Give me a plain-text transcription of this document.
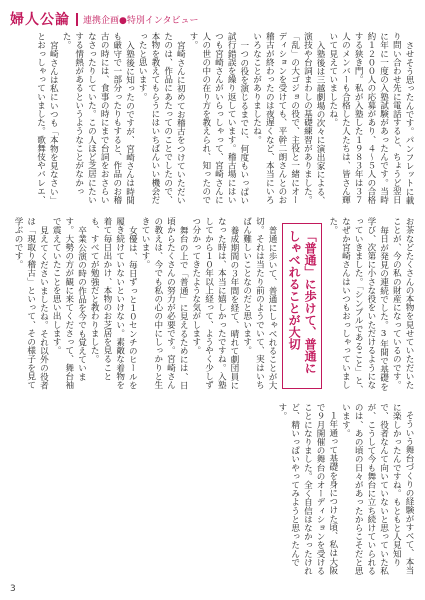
婦人公論	連携企画●特別インタビュー

させそう思ったんです。パンフレットに載り問い合わせ先に電話すると、ちょうど翌日に年に一度の入塾試験があったんです。当時約１２００人の応募があり、４〜５人の合格する狭き門。私が入塾した１９８３年は３７人のメンバーも合格した人たちは、皆さん輝いて見えていましたね。

入塾後は三越劇場の次々に演出家による、演技や台詞まわしの基礎練習がありました。「乱」の大ゴジョの役で、主役と一緒にオーディションを受けても、平幹二朗さんとのお稽古が終わったのは夜遅くなど、本当にいろいろなことがありましたね。

一つの役を演じるまでに、何度もいっぱい試行錯誤を繰り返しています。稽古場にはいつも宮崎さんがいらっしゃって、宮崎さんに人の世の中の在り方を教えられ、知ったのです。

宮崎さんに初めてお稽古をつけていただいたのは、作品にあたってのことでしたので、本物を教えてもらうにはいちばんいい機会だったと思います。

入塾後に知ったのですが、宮崎さんは時間も厳守で一部分ったりもすると、作品のお稽古の時には、食事の時にまで台詞をおさらいなさったりしていた。この人ほど芝居にたいする情熱があるというようなことがなかった。

宮崎さんは私にいつも「本物を見なさい」とおっしゃっていました。歌舞伎やバレエ、お茶などたくさんの本物を見せていただいたことが、今の私の財産になっているのです。

毎日が発見の連続でした。3年間で基礎を学び、次第に小さな役をいただけるようになっていきました。「シンプルであること」と、なぜか宮崎さんはいつもおっしゃっていました。

「普通」に歩けて、普通にしゃべれることが大切

普通に歩いて、普通にしゃべれることが大切。それは当たり前のようでいて、実はいちばん難しいことなのだと思います。

養成期間の３年間を経て、晴れて劇団員になった時は、本当に嬉しかったですね。入塾してから１０年以上経って、ようやく少しずつ分かってきたような気がします。

舞台の上で「普通」に見えるためには、日頃からたくさんの努力が必要です。宮崎さんの教えは、今でも私の心の中にしっかりと生きています。

女優は、毎日ずっと１０センチのヒールを履き続けていないといけない。素敵な着物を着て毎日出かけ、本物のお芝居を見ることも、すべてが勉強だと教わりました。

卒業公演の時の作品を今でも覚えています。大勢の方が観に来てくださって、舞台袖で震えていたことを思い出します。

見えてくださいましたね。それ以外の役者は「現取り稽古」といって、その様子を見て学ぶのです。

そういう舞台づくりの経験がすべて、本当に楽しかったんですね。もともと人見知りで、役者なんて向いていないと思っていた私が、こうして今も舞台に立ち続けていられるのは、あの頃の日々があったからこそだと思います。

１年通って基礎を身につけた頃、私は大阪で９月開催の舞台のオーディションを受けることになりました。全く自信はなかったけれど、精いっぱいやってみようと思ったんです。

3
